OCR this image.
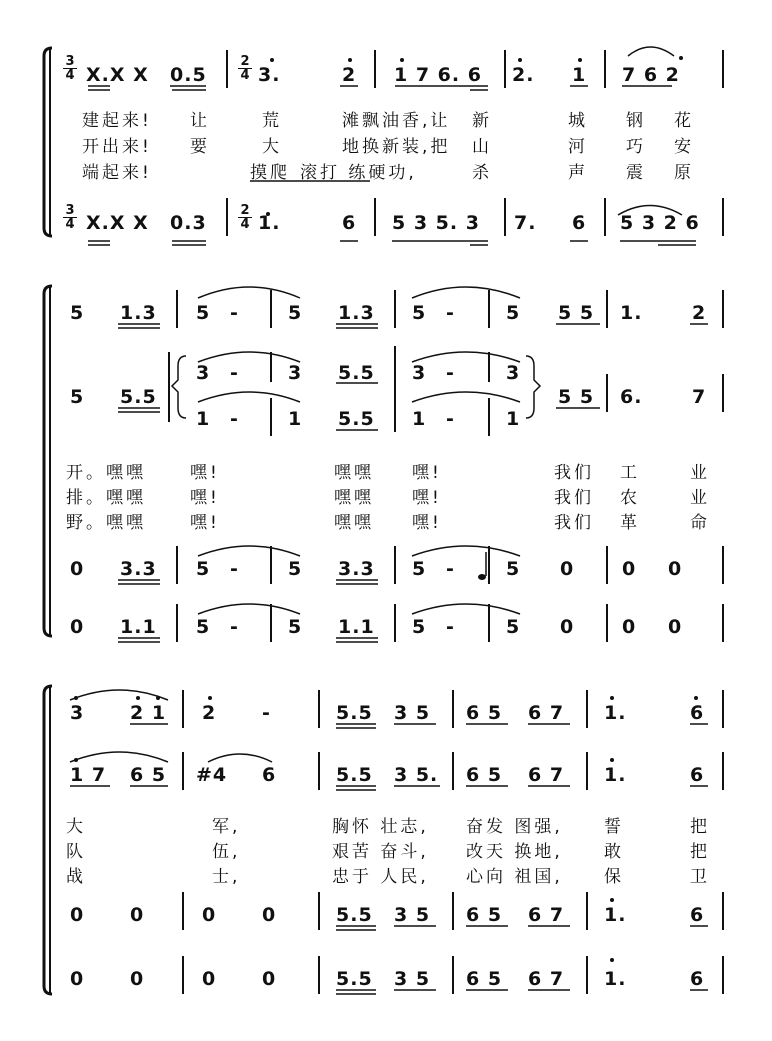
3
4 X.X X 0.5
2
4 3.	2 1 7 6. 6 2. 1 7 6 2
建起来! 让	荒	滩飘油香,让 新	城 钢 花
开出来! 要	大	地换新装,把 山	河 巧 安
端起来!	摸爬 滚打 练硬功,	杀	声 震 原
3
4 X.X X 0.3
2
4 1.	6 5 3 5. 3 7. 6 5 3 2 6
5 1.3 5 -	5 1.3 5 -	5 5 5 1.	2
5 5.5
3 -	3 5.5 3 -	3
1 -	1 5.5 1 -	1
5 5 6.	7
开。嘿嘿	嘿!	嘿嘿 嘿!	我们 工	业
排。嘿嘿	嘿!	嘿嘿 嘿!	我们 农	业
野。嘿嘿	嘿!	嘿嘿 嘿!	我们 革	命
0 3.3 5 -	5 3.3 5 -	5 0	0 0
0 1.1 5 -	5 1.1 5 -	5 0	0 0
3 2 1 2 -	5.5 3 5 6 5 6 7 1.	6
1 7 6 5 #4 6	5.5 3 5. 6 5 6 7 1.	6
大	军,	胸怀 壮志, 奋发 图强, 誓	把
队	伍,	艰苦 奋斗, 改天 换地, 敢	把
战	士,	忠于 人民, 心向 祖国, 保	卫
0 0	0 0	5.5 3 5 6 5 6 7 1.	6
0 0	0 0	5.5 3 5 6 5 6 7 1.	6
